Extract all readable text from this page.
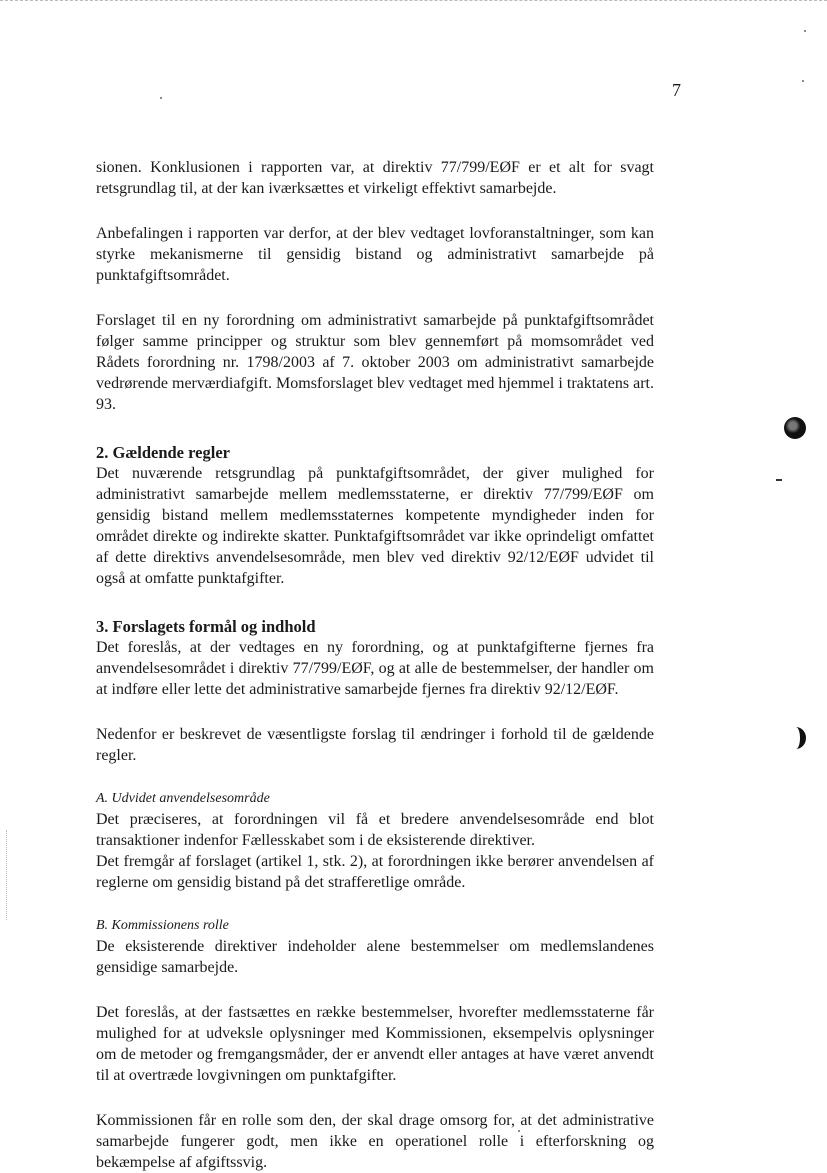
7

sionen. Konklusionen i rapporten var, at direktiv 77/799/EØF er et alt for svagt retsgrundlag til, at der kan iværksættes et virkeligt effektivt samarbejde.

Anbefalingen i rapporten var derfor, at der blev vedtaget lovforanstaltninger, som kan styrke mekanismerne til gensidig bistand og administrativt samarbejde på punktafgiftsområdet.

Forslaget til en ny forordning om administrativt samarbejde på punktafgiftsområdet følger samme principper og struktur som blev gennemført på momsområdet ved Rådets forordning nr. 1798/2003 af 7. oktober 2003 om administrativt samarbejde vedrørende merværdiafgift. Momsforslaget blev vedtaget med hjemmel i traktatens art. 93.

2. Gældende regler

Det nuværende retsgrundlag på punktafgiftsområdet, der giver mulighed for administrativt samarbejde mellem medlemsstaterne, er direktiv 77/799/EØF om gensidig bistand mellem medlemsstaternes kompetente myndigheder inden for området direkte og indirekte skatter. Punktafgiftsområdet var ikke oprindeligt omfattet af dette direktivs anvendelsesområde, men blev ved direktiv 92/12/EØF udvidet til også at omfatte punktafgifter.

3. Forslagets formål og indhold

Det foreslås, at der vedtages en ny forordning, og at punktafgifterne fjernes fra anvendelsesområdet i direktiv 77/799/EØF, og at alle de bestemmelser, der handler om at indføre eller lette det administrative samarbejde fjernes fra direktiv 92/12/EØF.

Nedenfor er beskrevet de væsentligste forslag til ændringer i forhold til de gældende regler.

A. Udvidet anvendelsesområde

Det præciseres, at forordningen vil få et bredere anvendelsesområde end blot transaktioner indenfor Fællesskabet som i de eksisterende direktiver.

Det fremgår af forslaget (artikel 1, stk. 2), at forordningen ikke berører anvendelsen af reglerne om gensidig bistand på det strafferetlige område.

B. Kommissionens rolle

De eksisterende direktiver indeholder alene bestemmelser om medlemslandenes gensidige samarbejde.

Det foreslås, at der fastsættes en række bestemmelser, hvorefter medlemsstaterne får mulighed for at udveksle oplysninger med Kommissionen, eksempelvis oplysninger om de metoder og fremgangsmåder, der er anvendt eller antages at have været anvendt til at overtræde lovgivningen om punktafgifter.

Kommissionen får en rolle som den, der skal drage omsorg for, at det administrative samarbejde fungerer godt, men ikke en operationel rolle i efterforskning og bekæmpelse af afgiftssvig.
